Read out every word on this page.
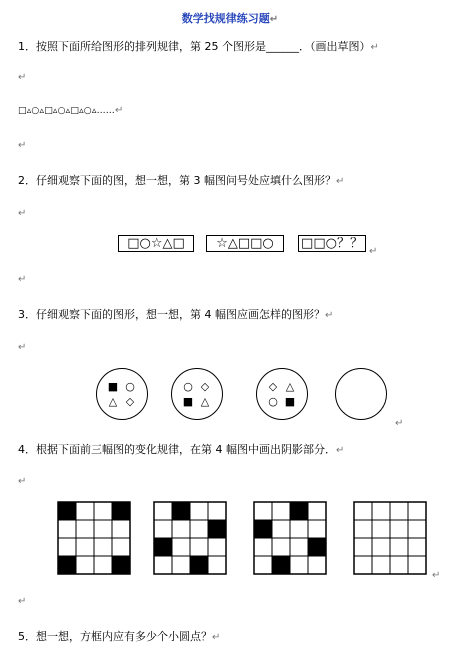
数学找规律练习题↵
1．按照下面所给图形的排列规律，第 25 个图形是______．（画出草图）↵
↵
□▵○▵□▵○▵□▵○▵……↵
↵
2．仔细观察下面的图，想一想，第 3 幅图问号处应填什么图形？↵
↵
□○☆△□	☆△□□○	□□○？？
↵
↵
3．仔细观察下面的图形，想一想，第 4 幅图应画怎样的图形？↵
↵
■ ○
△ ◇
○ ◇
■ △
◇ △
○ ■
↵
4．根据下面前三幅图的变化规律，在第 4 幅图中画出阴影部分．↵
↵
↵
↵
5．想一想，方框内应有多少个小圆点？↵
